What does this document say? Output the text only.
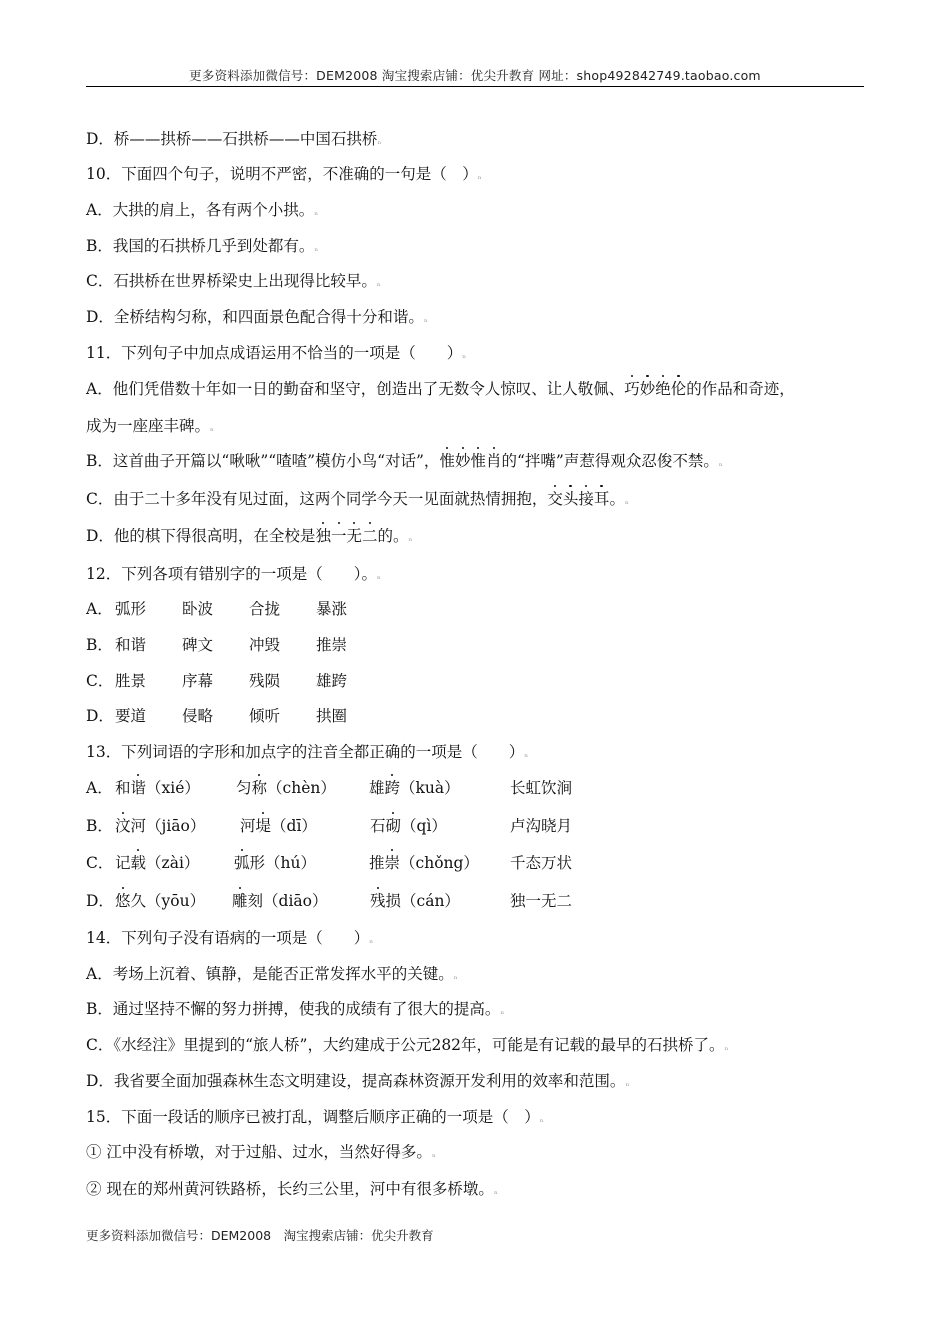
更多资料添加微信号：DEM2008 淘宝搜索店铺：优尖升教育 网址：shop492842749.taobao.com
D．桥——拱桥——石拱桥——中国石拱桥ₙ
10．下面四个句子，说明不严密，不准确的一句是（　）ₙ
A．大拱的肩上，各有两个小拱。ₙ
B．我国的石拱桥几乎到处都有。ₙ
C．石拱桥在世界桥梁史上出现得比较早。ₙ
D．全桥结构匀称，和四面景色配合得十分和谐。ₙ
11．下列句子中加点成语运用不恰当的一项是（　　）ₙ
A．他们凭借数十年如一日的勤奋和坚守，创造出了无数令人惊叹、让人敬佩、巧妙绝伦的作品和奇迹，
成为一座座丰碑。ₙ
B．这首曲子开篇以“啾啾”“喳喳”模仿小鸟“对话”，惟妙惟肖的“拌嘴”声惹得观众忍俊不禁。ₙ
C．由于二十多年没有见过面，这两个同学今天一见面就热情拥抱，交头接耳。ₙ
D．他的棋下得很高明，在全校是独一无二的。ₙ
12．下列各项有错别字的一项是（　　）。ₙ
A． 弧形 卧波 合拢 暴涨

B． 和谐 碑文 冲毁 推崇

C． 胜景 序幕 残陨 雄跨

D． 要道 侵略 倾听 拱圈

13．下列词语的字形和加点字的注音全都正确的一项是（　　）ₙ
A． 和谐（xié） 匀称（chèn） 雄跨（kuà）	长虹饮涧

B． 汶河（jiāo） 河堤（dī）	石砌（qì）	卢沟晓月

C． 记载（zài） 弧形（hú）	推崇（chǒng） 千态万状

D． 悠久（yōu） 雕刻（diāo）	残损（cán）	独一无二

14．下列句子没有语病的一项是（　　）ₙ
A．考场上沉着、镇静，是能否正常发挥水平的关键。ₙ
B．通过坚持不懈的努力拼搏，使我的成绩有了很大的提高。ₙ
C．《水经注》里提到的“旅人桥”，大约建成于公元282年，可能是有记载的最早的石拱桥了。ₙ
D．我省要全面加强森林生态文明建设，提高森林资源开发利用的效率和范围。ₙ
15．下面一段话的顺序已被打乱，调整后顺序正确的一项是（　）ₙ
① 江中没有桥墩，对于过船、过水，当然好得多。ₙ
② 现在的郑州黄河铁路桥，长约三公里，河中有很多桥墩。ₙ
更多资料添加微信号：DEM2008　淘宝搜索店铺：优尖升教育
